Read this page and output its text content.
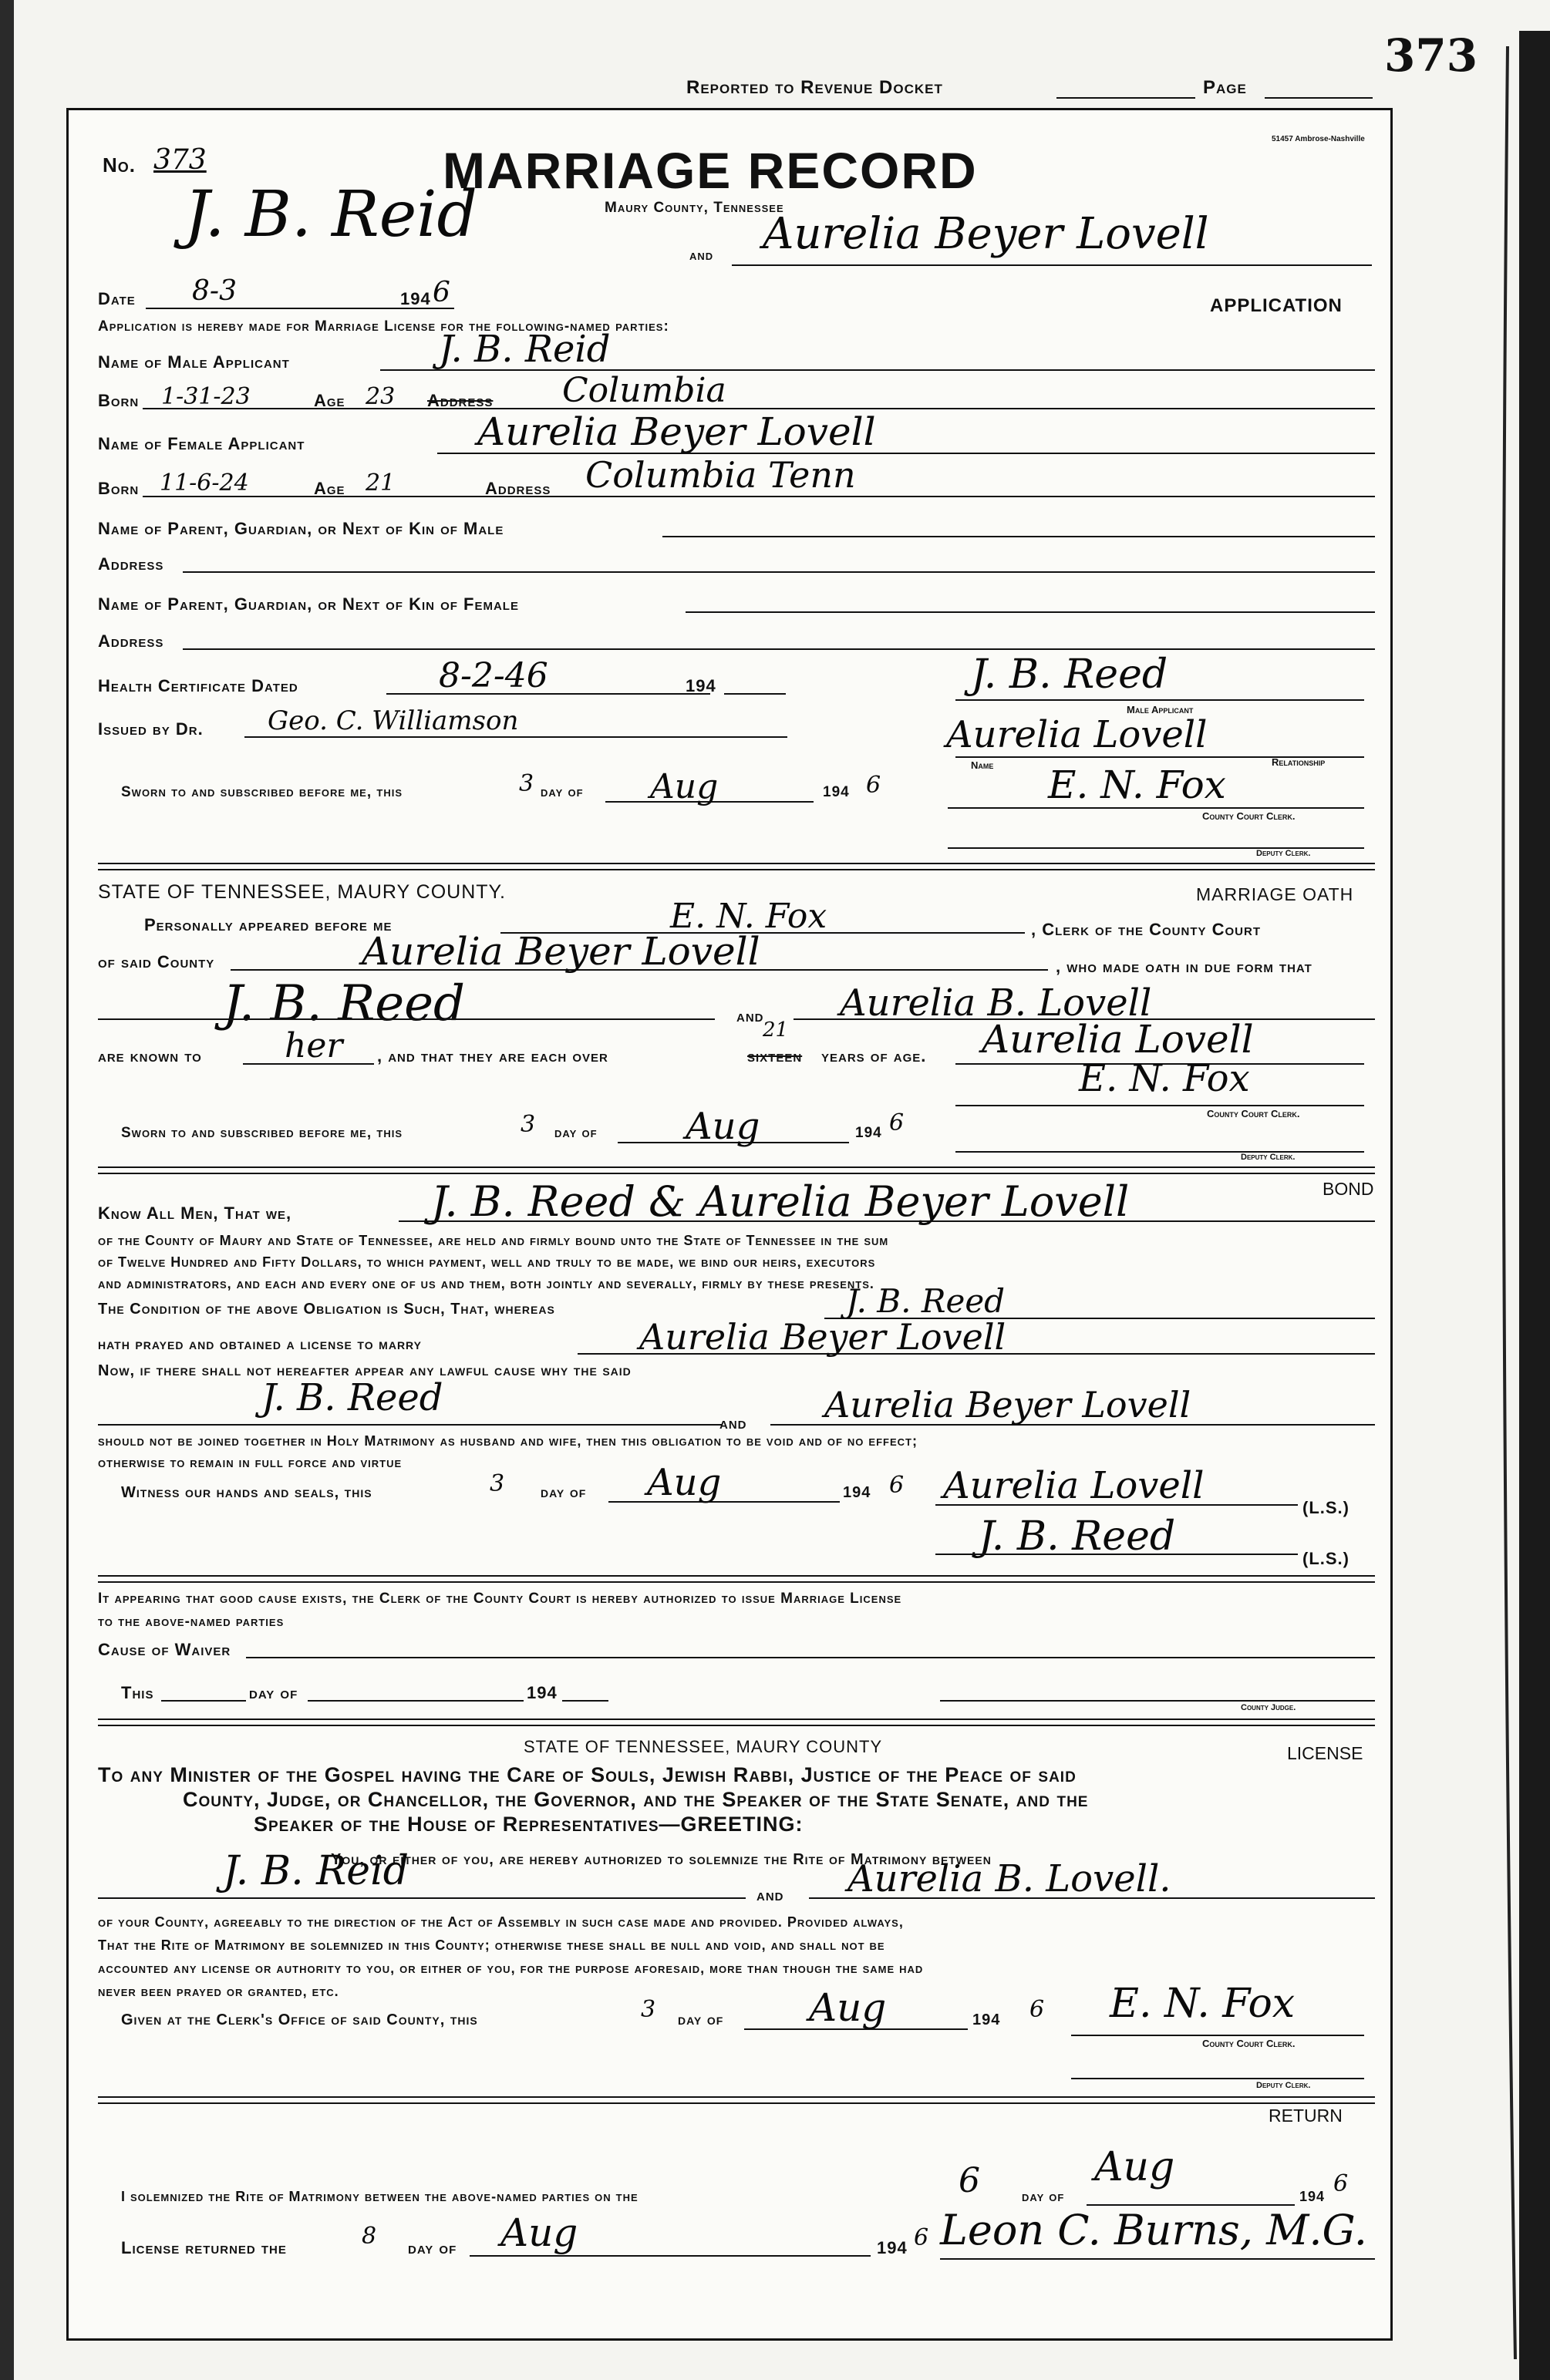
373
Reported to Revenue Docket	Page
51457 Ambrose-Nashville
No. 373	MARRIAGE RECORD
Maury County, Tennessee
J. B. Reid
and Aurelia Beyer Lovell
Date 8-3	194 6	APPLICATION
Application is hereby made for Marriage License for the following-named parties:
Name of Male Applicant	J. B. Reid
Born 1-31-23	Age 23 Address Columbia
Name of Female Applicant	Aurelia Beyer Lovell
Born 11-6-24	Age 21	Address Columbia Tenn
Name of Parent, Guardian, or Next of Kin of Male
Address
Name of Parent, Guardian, or Next of Kin of Female
Address
Health Certificate Dated	8-2-46	194
Issued by Dr. Geo. C. Williamson
J. B. Reed
Male Applicant
Aurelia Lovell
Name	Relationship
Sworn to and subscribed before me, this	3 day of Aug	194 6	E. N. Fox
County Court Clerk.
Deputy Clerk.
STATE OF TENNESSEE, MAURY COUNTY.	MARRIAGE OATH
Personally appeared before me	E. N. Fox	, Clerk of the County Court
of said County	Aurelia Beyer Lovell	, who made oath in due form that
J. B. Reed	and Aurelia B. Lovell
are known to her , and that they are each over
21
sixteen years of age. Aurelia Lovell
E. N. Fox
Sworn to and subscribed before me, this	3 day of Aug	194 6	County Court Clerk.
Deputy Clerk.
BOND
Know All Men, That we,	J. B. Reed & Aurelia Beyer Lovell
of the County of Maury and State of Tennessee, are held and firmly bound unto the State of Tennessee in the sum
of Twelve Hundred and Fifty Dollars, to which payment, well and truly to be made, we bind our heirs, executors
and administrators, and each and every one of us and them, both jointly and severally, firmly by these presents.
The Condition of the above Obligation is Such, That, whereas	J. B. Reed
hath prayed and obtained a license to marry	Aurelia Beyer Lovell
Now, if there shall not hereafter appear any lawful cause why the said
J. B. Reed
and Aurelia Beyer Lovell
should not be joined together in Holy Matrimony as husband and wife, then this obligation to be void and of no effect;
otherwise to remain in full force and virtue
Witness our hands and seals, this	3 day of Aug	194 6 Aurelia Lovell
(L.S.)
J. B. Reed	(L.S.)
It appearing that good cause exists, the Clerk of the County Court is hereby authorized to issue Marriage License
to the above-named parties
Cause of Waiver
This	day of	194
County Judge.
STATE OF TENNESSEE, MAURY COUNTY	LICENSE
To any Minister of the Gospel having the Care of Souls, Jewish Rabbi, Justice of the Peace of said
County, Judge, or Chancellor, the Governor, and the Speaker of the State Senate, and the
Speaker of the House of Representatives—GREETING:
You, or either of you, are hereby authorized to solemnize the Rite of Matrimony between
J. B. Reid
and Aurelia B. Lovell.
of your County, agreeably to the direction of the Act of Assembly in such case made and provided. Provided always,
That the Rite of Matrimony be solemnized in this County; otherwise these shall be null and void, and shall not be
accounted any license or authority to you, or either of you, for the purpose aforesaid, more than though the same had
never been prayed or granted, etc.
Given at the Clerk's Office of said County, this	3 day of Aug	194 6 E. N. Fox
County Court Clerk.
Deputy Clerk.
RETURN
I solemnized the Rite of Matrimony between the above-named parties on the	6	day of
Aug
194 6
License returned the	8 day of Aug	194 6 Leon C. Burns, M.G.
